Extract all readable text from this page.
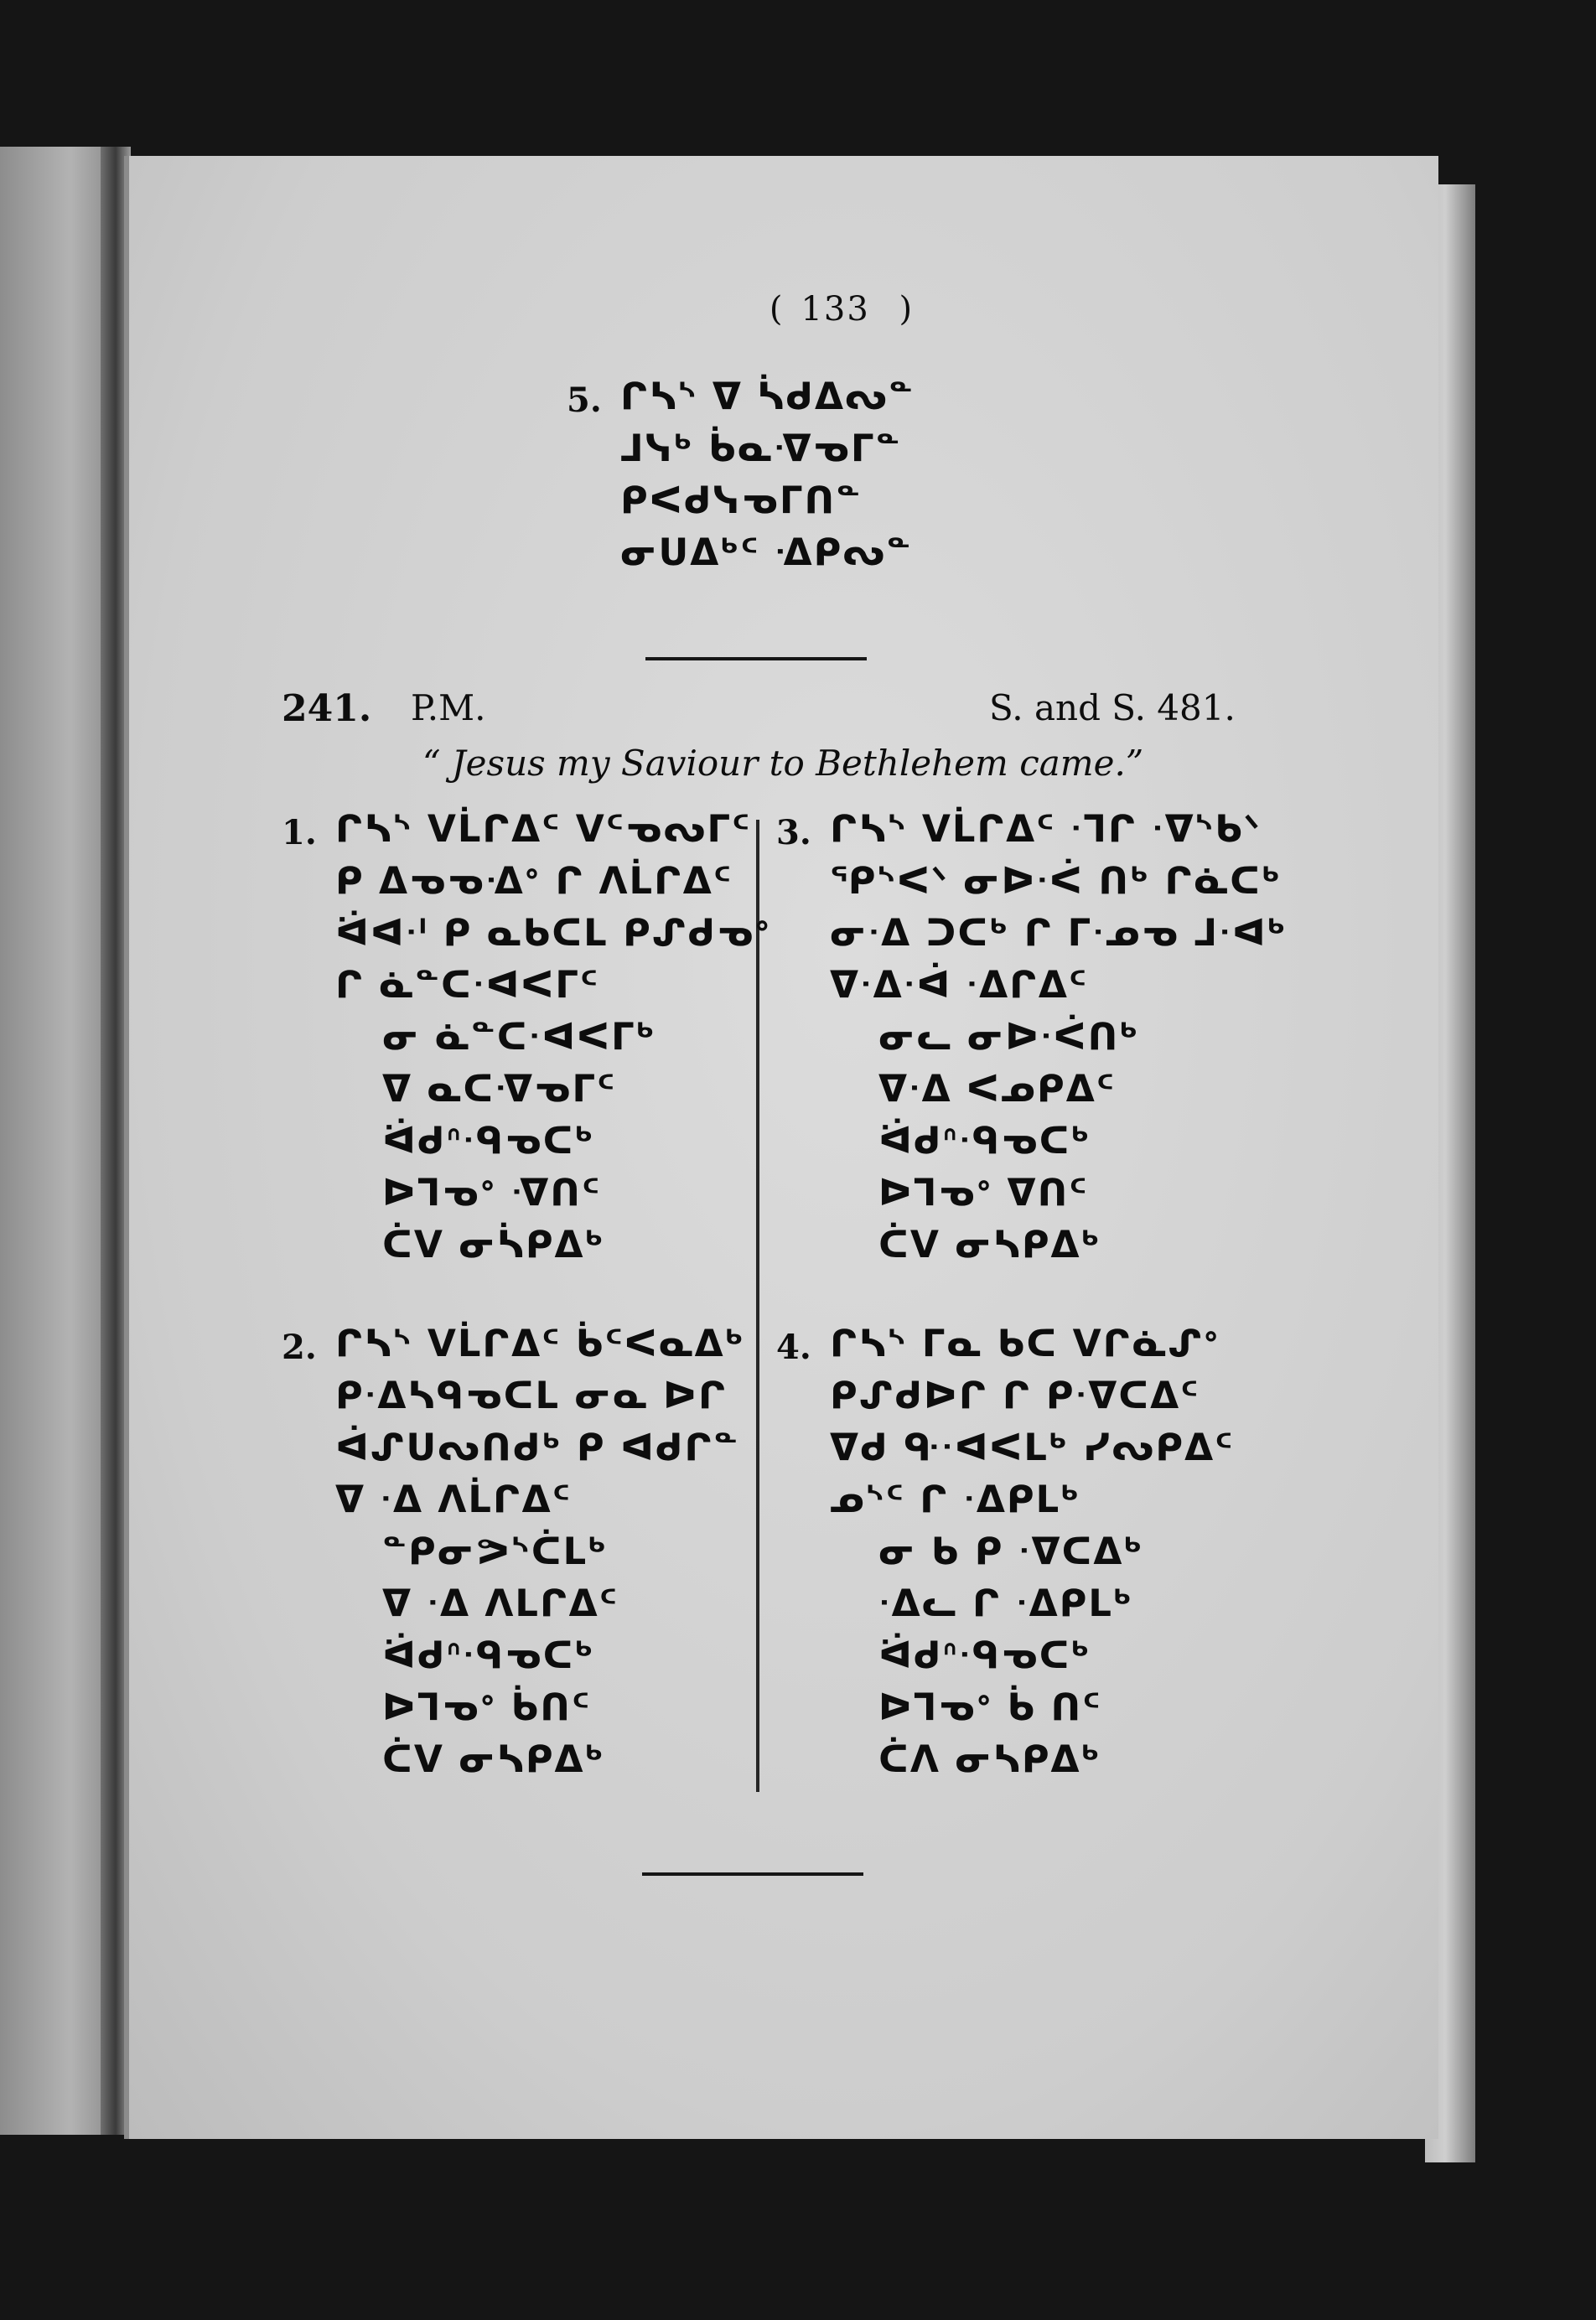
(133 )
5. ᒋᓴᔅ ᐁ ᓵᑯᐃᔓᓐ
ᒧᓭᒃ ᑳᓇᐌᓀᒥᓐ
ᑭᐸᑯᓭᓀᒥᑎᓐ
ᓂᑌᐃᒃᑦ ᐎᑭᔓᓐ
241. P.M.	S. and S. 481.
“ Jesus my Saviour to Bethlehem came.”
1. ᒋᓴᔅ ᐯᒫᒋᐃᑦ ᐯᑦᓀᔓᒥᑦ
ᑭ ᐃᓀᓀᐎᐤ ᒋ ᐱᒫᒋᐃᑦ
ᐛᐊᐧᑊ ᑭ ᓇᑲᑕᒪ ᑭᔑᑯᓀᐤ
ᒋ ᓈᓐᑕᐧᐊᐸᒥᑦ
ᓂ ᓈᓐᑕᐧᐊᐸᒥᒃ
ᐁ ᓇᑕᐌᓀᒥᑦ
ᐛᑯᐢᐧᑫᓀᑕᒃ
ᐅᒣᓀᐤ ᐌᑎᑦ
ᑖᐯ ᓂᓵᑭᐃᒃ
2. ᒋᓴᔅ ᐯᒫᒋᐃᑦ ᑳᑦᐸᓇᐃᒃ
ᑭᐧᐃᓴᑫᓀᑕᒪ ᓂᓇ ᐅᒋ
ᐋᔑᑌᔓᑎᑯᒃ ᑭ ᐊᑯᒋᓐ
ᐁ ᐧᐃ ᐱᒫᒋᐃᑦ
ᓐᑭᓂᕗᔅᑖᒪᒃ
ᐁ ᐧᐃ ᐱᒪᒋᐃᑦ
ᐛᑯᐢᐧᑫᓀᑕᒃ
ᐅᒣᓀᐤ ᑳᑎᑦ
ᑖᐯ ᓂᓴᑭᐃᒃ
3. ᒋᓴᔅ ᐯᒫᒋᐃᑦ ᐧᒣᒋ ᐧᐁᔅᑲᐠ
ᕿᔅᐸᐠ ᓂᐅᐧᐹ ᑎᒃ ᒋᓈᑕᒃ
ᓂᐧᐃ ᑐᑕᒃ ᒋ ᒥᐧᓄᓀ ᒧᐧᐊᒃ
ᐁᐧᐃᐧᐋ ᐧᐃᒋᐃᑦ
ᓂᓚ ᓂᐅᐧᐹᑎᒃ
ᐁᐧᐃ ᐸᓄᑭᐃᑦ
ᐛᑯᐢᐧᑫᓀᑕᒃ
ᐅᒣᓀᐤ ᐁᑎᑦ
ᑖᐯ ᓂᓴᑭᐃᒃ
4. ᒋᓴᔅ ᒥᓇ ᑲᑕ ᐯᒋᓈᔑᐤ
ᑭᔑᑯᐅᒋ ᒋ ᑭᐧᐁᑕᐃᑦ
ᐁᑯ ᑵᐧᐊᐸᒪᒃ ᓯᔓᑭᐃᑦ
ᓄᔅᑦ ᒋ ᐧᐃᑭᒪᒃ
ᓂ ᑲ ᑭ ᐧᐁᑕᐃᒃ
ᐧᐃᓚ ᒋ ᐧᐃᑭᒪᒃ
ᐛᑯᐢᐧᑫᓀᑕᒃ
ᐅᒣᓀᐤ ᑳ ᑎᑦ
ᑖᐱ ᓂᓴᑭᐃᒃ
